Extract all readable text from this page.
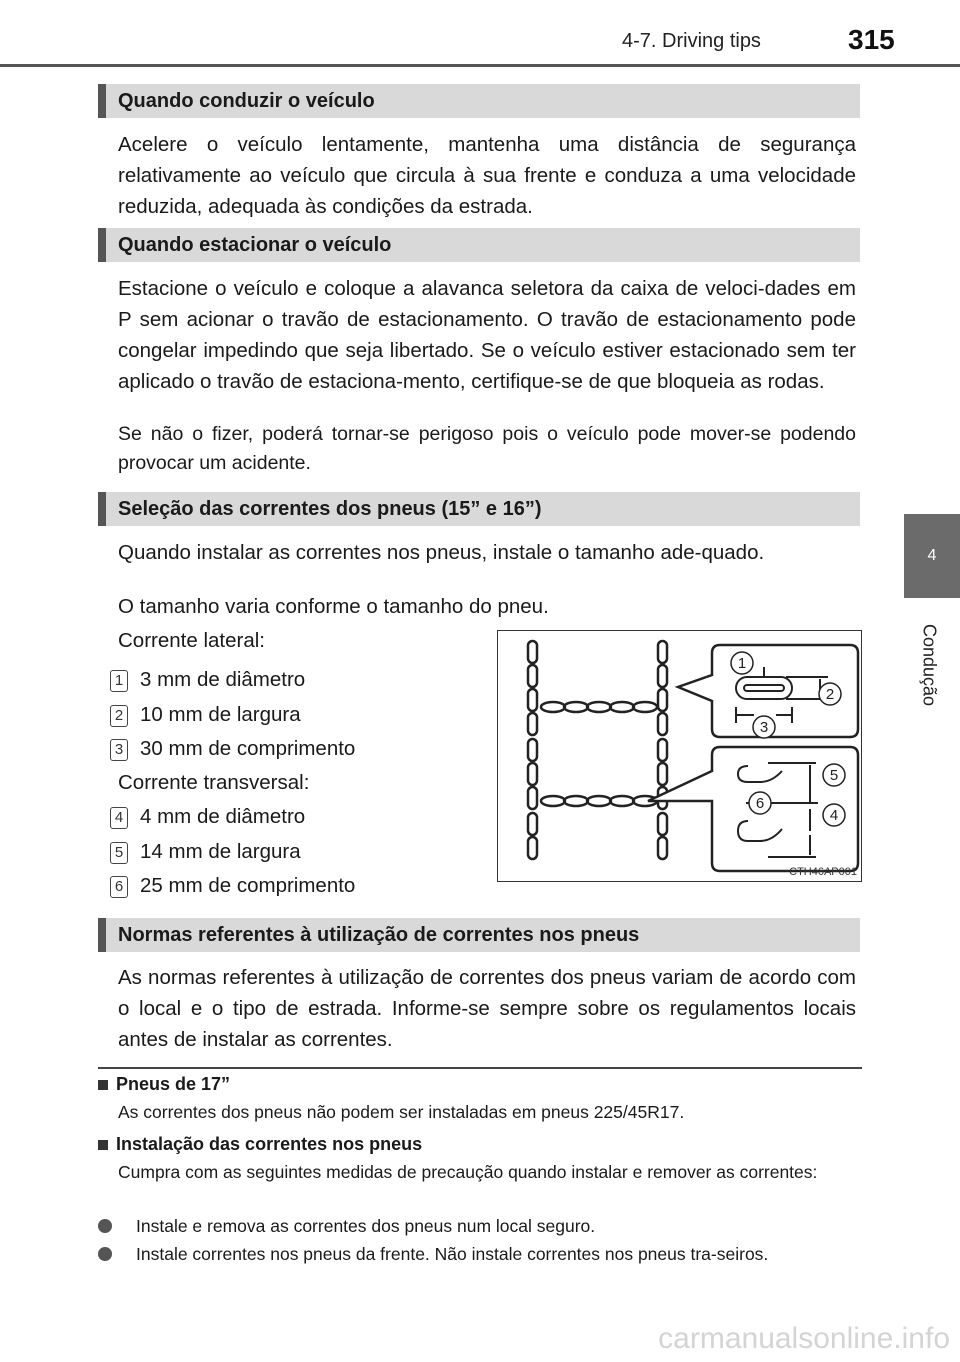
4-7. Driving tips	315
4
Condução
Quando conduzir o veículo

Acelere o veículo lentamente, mantenha uma distância de segurança relativamente ao veículo que circula à sua frente e conduza a uma velocidade reduzida, adequada às condições da estrada.

Quando estacionar o veículo

Estacione o veículo e coloque a alavanca seletora da caixa de veloci-dades em P sem acionar o travão de estacionamento. O travão de estacionamento pode congelar impedindo que seja libertado. Se o veículo estiver estacionado sem ter aplicado o travão de estaciona-mento, certifique-se de que bloqueia as rodas.

Se não o fizer, poderá tornar-se perigoso pois o veículo pode mover-se podendo provocar um acidente.

Seleção das correntes dos pneus (15” e 16”)

Quando instalar as correntes nos pneus, instale o tamanho ade-quado.

O tamanho varia conforme o tamanho do pneu.
Corrente lateral:
1 3 mm de diâmetro
2 10 mm de largura
3 30 mm de comprimento
Corrente transversal:
4 4 mm de diâmetro
5 14 mm de largura
6 25 mm de comprimento
1
2
3
4
5
6
CTH46AP001
Normas referentes à utilização de correntes nos pneus

As normas referentes à utilização de correntes dos pneus variam de acordo com o local e o tipo de estrada. Informe-se sempre sobre os regulamentos locais antes de instalar as correntes.

Pneus de 17”

As correntes dos pneus não podem ser instaladas em pneus 225/45R17.

Instalação das correntes nos pneus

Cumpra com as seguintes medidas de precaução quando instalar e remover as correntes:

Instale e remova as correntes dos pneus num local seguro.
Instale correntes nos pneus da frente. Não instale correntes nos pneus tra-seiros.
carmanualsonline.info
